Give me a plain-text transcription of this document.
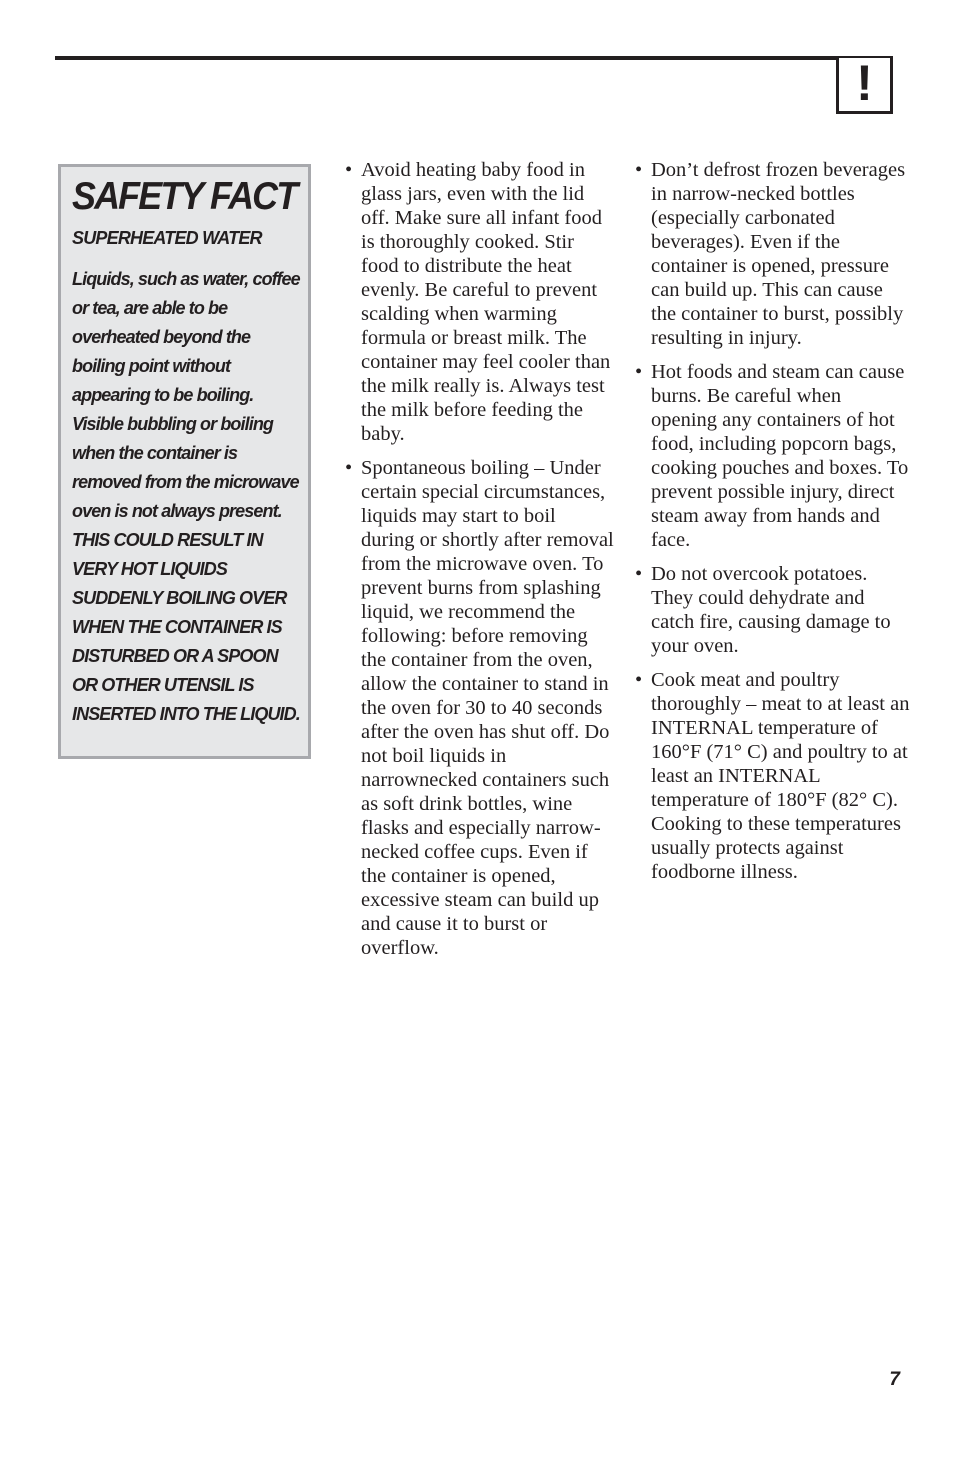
!
SAFETY FACT
SUPERHEATED WATER

Liquids, such as water, coffee or tea, are able to be overheated beyond the boiling point without appearing to be boiling. Visible bubbling or boiling when the container is removed from the microwave oven is not always present. THIS COULD RESULT IN VERY HOT LIQUIDS SUDDENLY BOILING OVER WHEN THE CONTAINER IS DISTURBED OR A SPOON OR OTHER UTENSIL IS INSERTED INTO THE LIQUID.

• Avoid heating baby food in glass jars, even with the lid off. Make sure all infant food is thoroughly cooked. Stir food to distribute the heat evenly. Be careful to prevent scalding when warming formula or breast milk. The container may feel cooler than the milk really is. Always test the milk before feeding the baby.
• Spontaneous boiling – Under certain special circumstances, liquids may start to boil during or shortly after removal from the microwave oven. To prevent burns from splashing liquid, we recommend the following: before removing the container from the oven, allow the container to stand in the oven for 30 to 40 seconds after the oven has shut off. Do not boil liquids in narrownecked containers such as soft drink bottles, wine flasks and especially narrow-necked coffee cups. Even if the container is opened, excessive steam can build up and cause it to burst or overflow.
• Don’t defrost frozen beverages in narrow-necked bottles (especially carbonated beverages). Even if the container is opened, pressure can build up. This can cause the container to burst, possibly resulting in injury.
• Hot foods and steam can cause burns. Be careful when opening any containers of hot food, including popcorn bags, cooking pouches and boxes. To prevent possible injury, direct steam away from hands and face.
• Do not overcook potatoes. They could dehydrate and catch fire, causing damage to your oven.
• Cook meat and poultry thoroughly – meat to at least an INTERNAL temperature of 160°F (71° C) and poultry to at least an INTERNAL temperature of 180°F (82° C). Cooking to these temperatures usually protects against foodborne illness.
7
